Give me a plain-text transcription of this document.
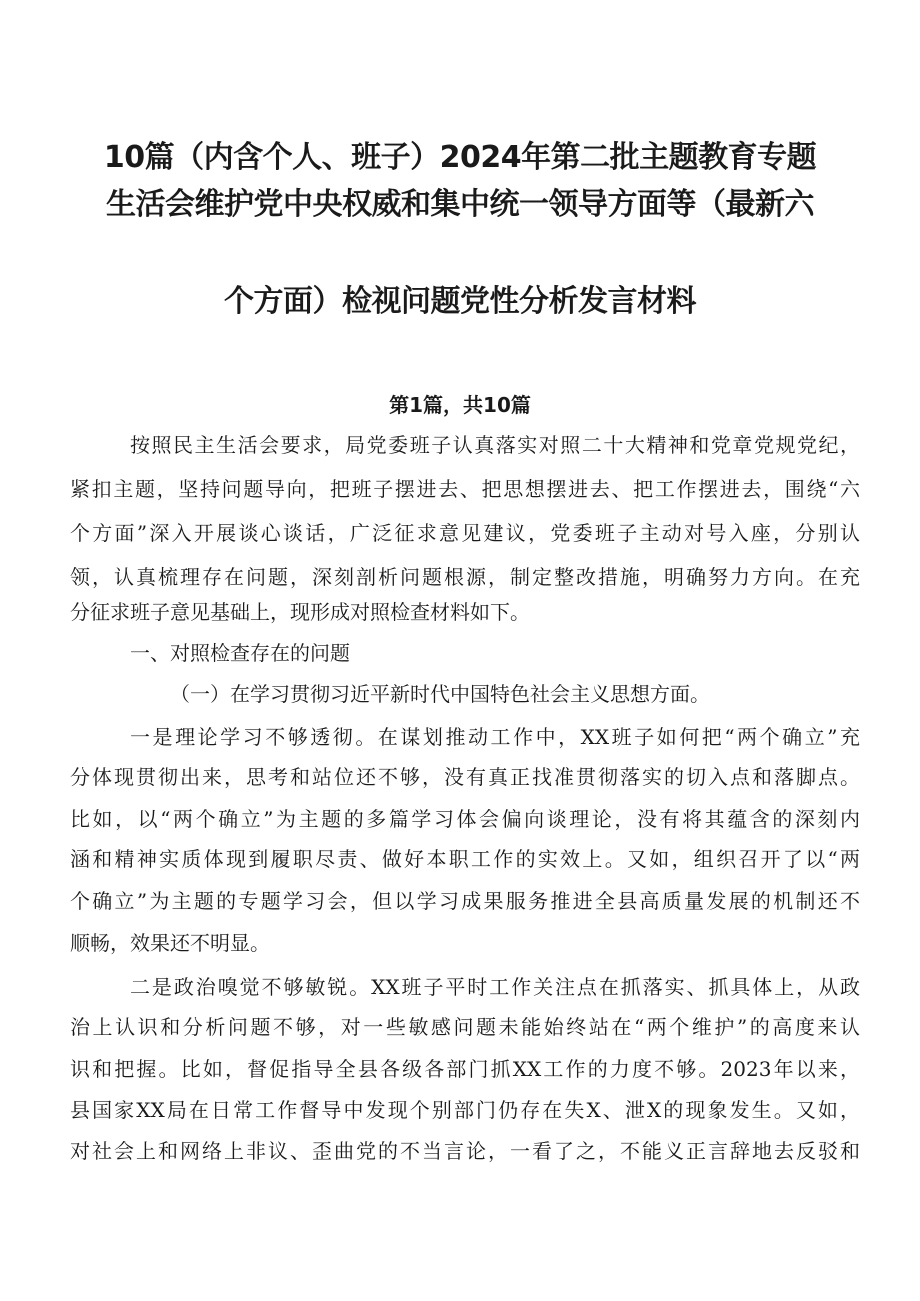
10篇（内含个人、班子）2024年第二批主题教育专题
生活会维护党中央权威和集中统一领导方面等（最新六
个方面）检视问题党性分析发言材料
第1篇，共10篇
按照民主生活会要求，局党委班子认真落实对照二十大精神和党章党规党纪，
紧扣主题，坚持问题导向，把班子摆进去、把思想摆进去、把工作摆进去，围绕“六
个方面”深入开展谈心谈话，广泛征求意见建议，党委班子主动对号入座，分别认
领，认真梳理存在问题，深刻剖析问题根源，制定整改措施，明确努力方向。在充
分征求班子意见基础上，现形成对照检查材料如下。
一、对照检查存在的问题
（一）在学习贯彻习近平新时代中国特色社会主义思想方面。
一是理论学习不够透彻。在谋划推动工作中，XX班子如何把“两个确立”充
分体现贯彻出来，思考和站位还不够，没有真正找准贯彻落实的切入点和落脚点。
比如，以“两个确立”为主题的多篇学习体会偏向谈理论，没有将其蕴含的深刻内
涵和精神实质体现到履职尽责、做好本职工作的实效上。又如，组织召开了以“两
个确立”为主题的专题学习会，但以学习成果服务推进全县高质量发展的机制还不
顺畅，效果还不明显。
二是政治嗅觉不够敏锐。XX班子平时工作关注点在抓落实、抓具体上，从政
治上认识和分析问题不够，对一些敏感问题未能始终站在“两个维护”的高度来认
识和把握。比如，督促指导全县各级各部门抓XX工作的力度不够。2023年以来，
县国家XX局在日常工作督导中发现个别部门仍存在失X、泄X的现象发生。又如，
对社会上和网络上非议、歪曲党的不当言论，一看了之，不能义正言辞地去反驳和
